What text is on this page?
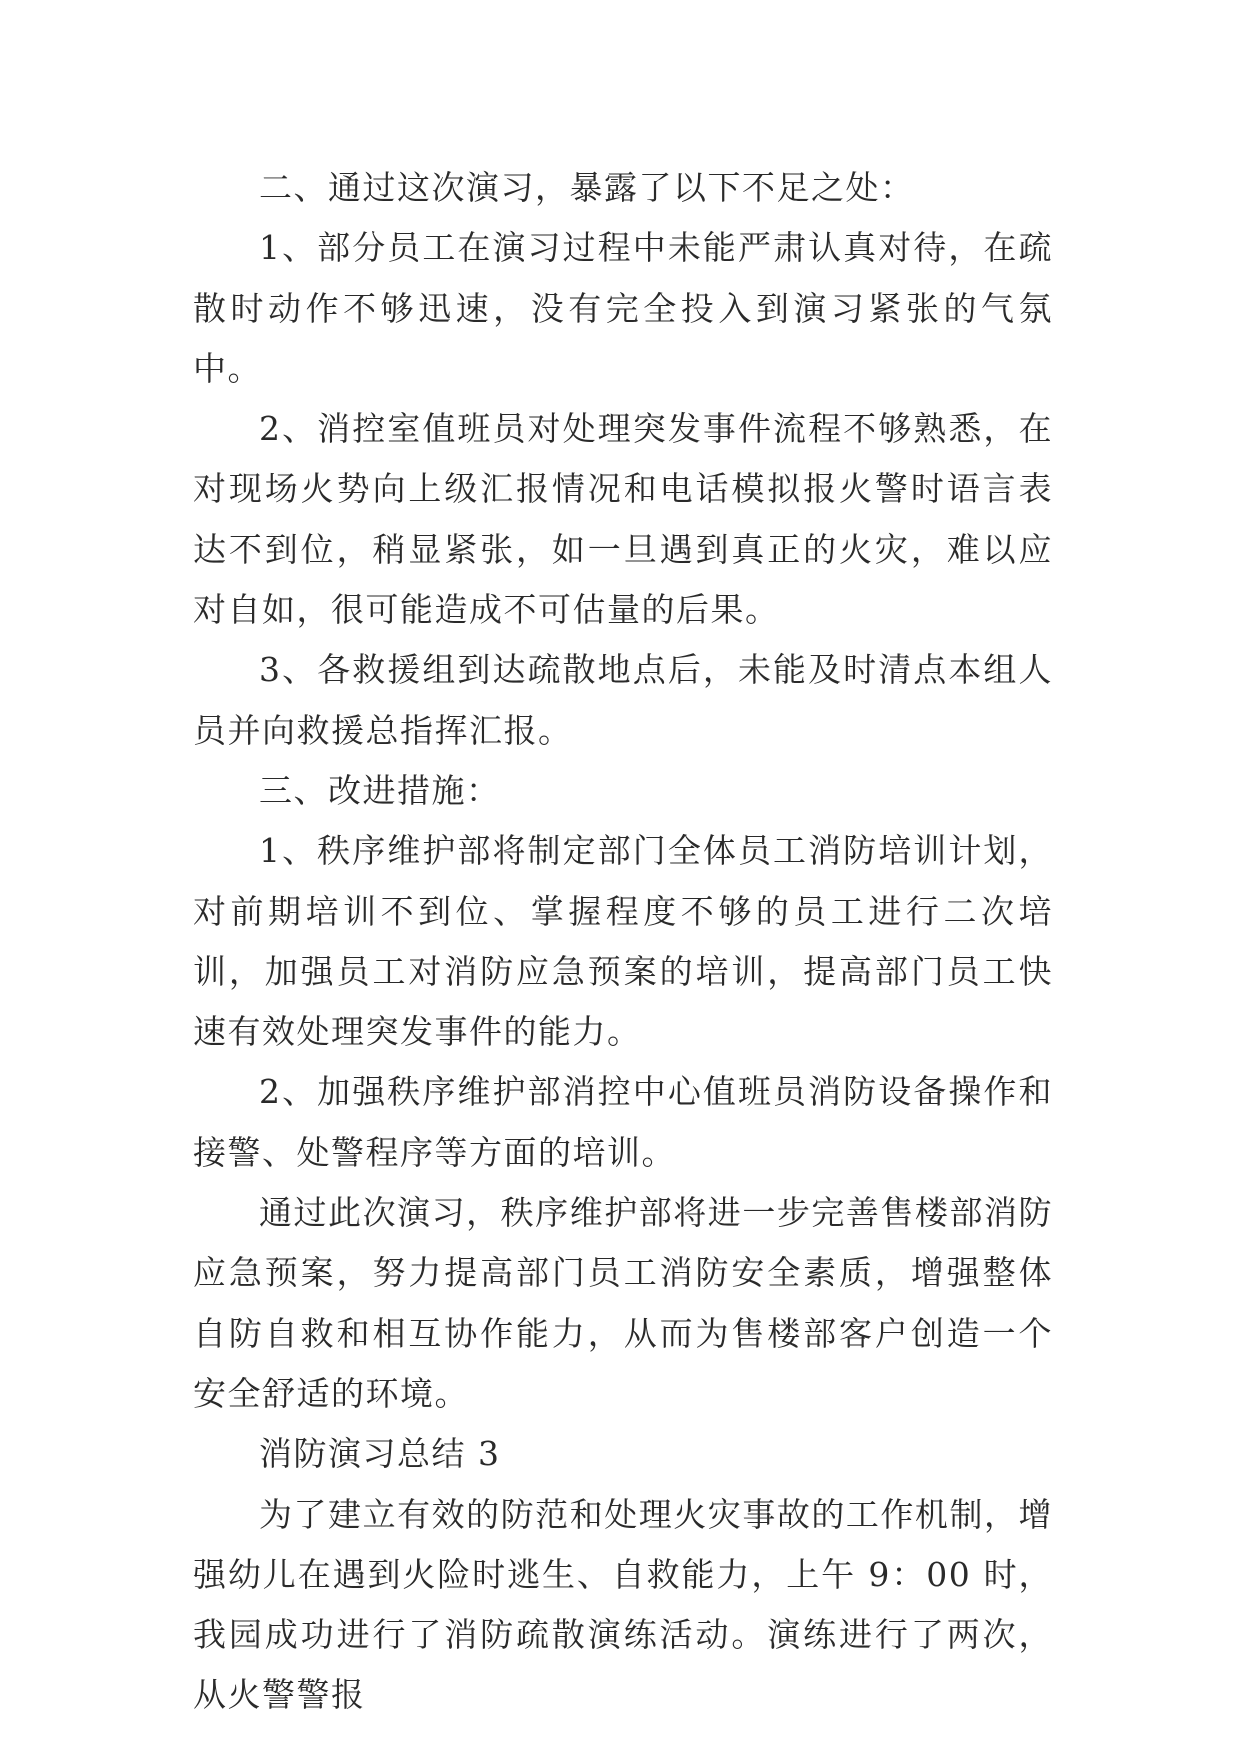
二、通过这次演习，暴露了以下不足之处：

1、部分员工在演习过程中未能严肃认真对待，在疏散时动作不够迅速，没有完全投入到演习紧张的气氛中。

2、消控室值班员对处理突发事件流程不够熟悉，在对现场火势向上级汇报情况和电话模拟报火警时语言表达不到位，稍显紧张，如一旦遇到真正的火灾，难以应对自如，很可能造成不可估量的后果。

3、各救援组到达疏散地点后，未能及时清点本组人员并向救援总指挥汇报。

三、改进措施：

1、秩序维护部将制定部门全体员工消防培训计划，对前期培训不到位、掌握程度不够的员工进行二次培训，加强员工对消防应急预案的培训，提高部门员工快速有效处理突发事件的能力。

2、加强秩序维护部消控中心值班员消防设备操作和接警、处警程序等方面的培训。

通过此次演习，秩序维护部将进一步完善售楼部消防应急预案，努力提高部门员工消防安全素质，增强整体自防自救和相互协作能力，从而为售楼部客户创造一个安全舒适的环境。

消防演习总结 3

为了建立有效的防范和处理火灾事故的工作机制，增强幼儿在遇到火险时逃生、自救能力，上午 9：00 时，我园成功进行了消防疏散演练活动。演练进行了两次，从火警警报
